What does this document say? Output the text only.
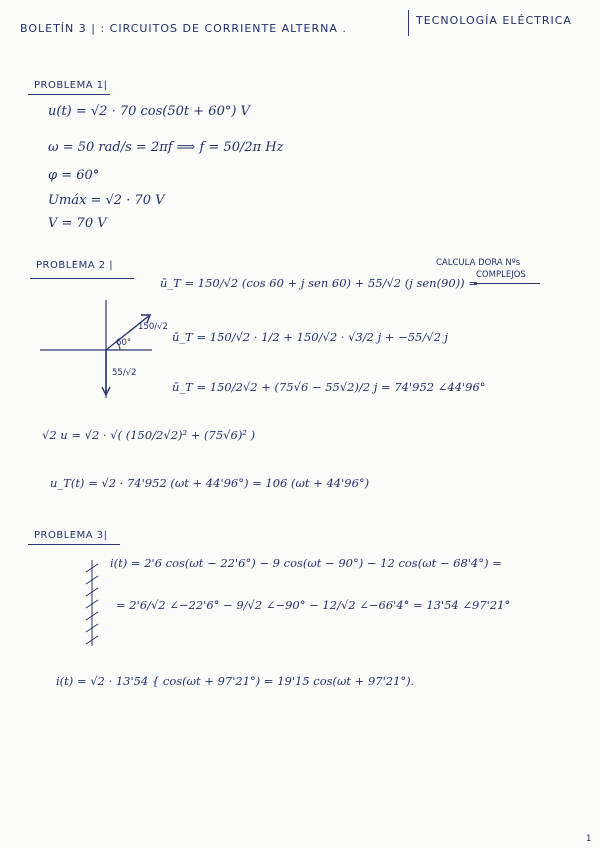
BOLETÍN 3 | : CIRCUITOS DE CORRIENTE ALTERNA .
TECNOLOGÍA ELÉCTRICA
PROBLEMA 1|
u(t) = √2 · 70 cos(50t + 60°) V
ω = 50 rad/s = 2πf ⟹ f = 50/2π Hz
φ = 60°
Umáx = √2 · 70 V
V = 70 V
PROBLEMA 2 |	CALCULA DORA Nºs
COMPLEJOS
150/√2
60°
55/√2
ū_T = 150/√2 (cos 60 + j sen 60) + 55/√2 (j sen(90)) =
ū_T = 150/√2 · 1/2 + 150/√2 · √3/2 j + −55/√2 j
ū_T = 150/2√2 + (75√6 − 55√2)/2 j = 74'952 ∠44'96°
√2 u = √2 · √( (150/2√2)² + (75√6)² )
u_T(t) = √2 · 74'952 (ωt + 44'96°) = 106 (ωt + 44'96°)
PROBLEMA 3|
i(t) = 2'6 cos(ωt − 22'6°) − 9 cos(ωt − 90°) − 12 cos(ωt − 68'4°) =
= 2'6/√2 ∠−22'6° − 9/√2 ∠−90° − 12/√2 ∠−66'4° = 13'54 ∠97'21°
i(t) = √2 · 13'54 { cos(ωt + 97'21°) = 19'15 cos(ωt + 97'21°).
1
